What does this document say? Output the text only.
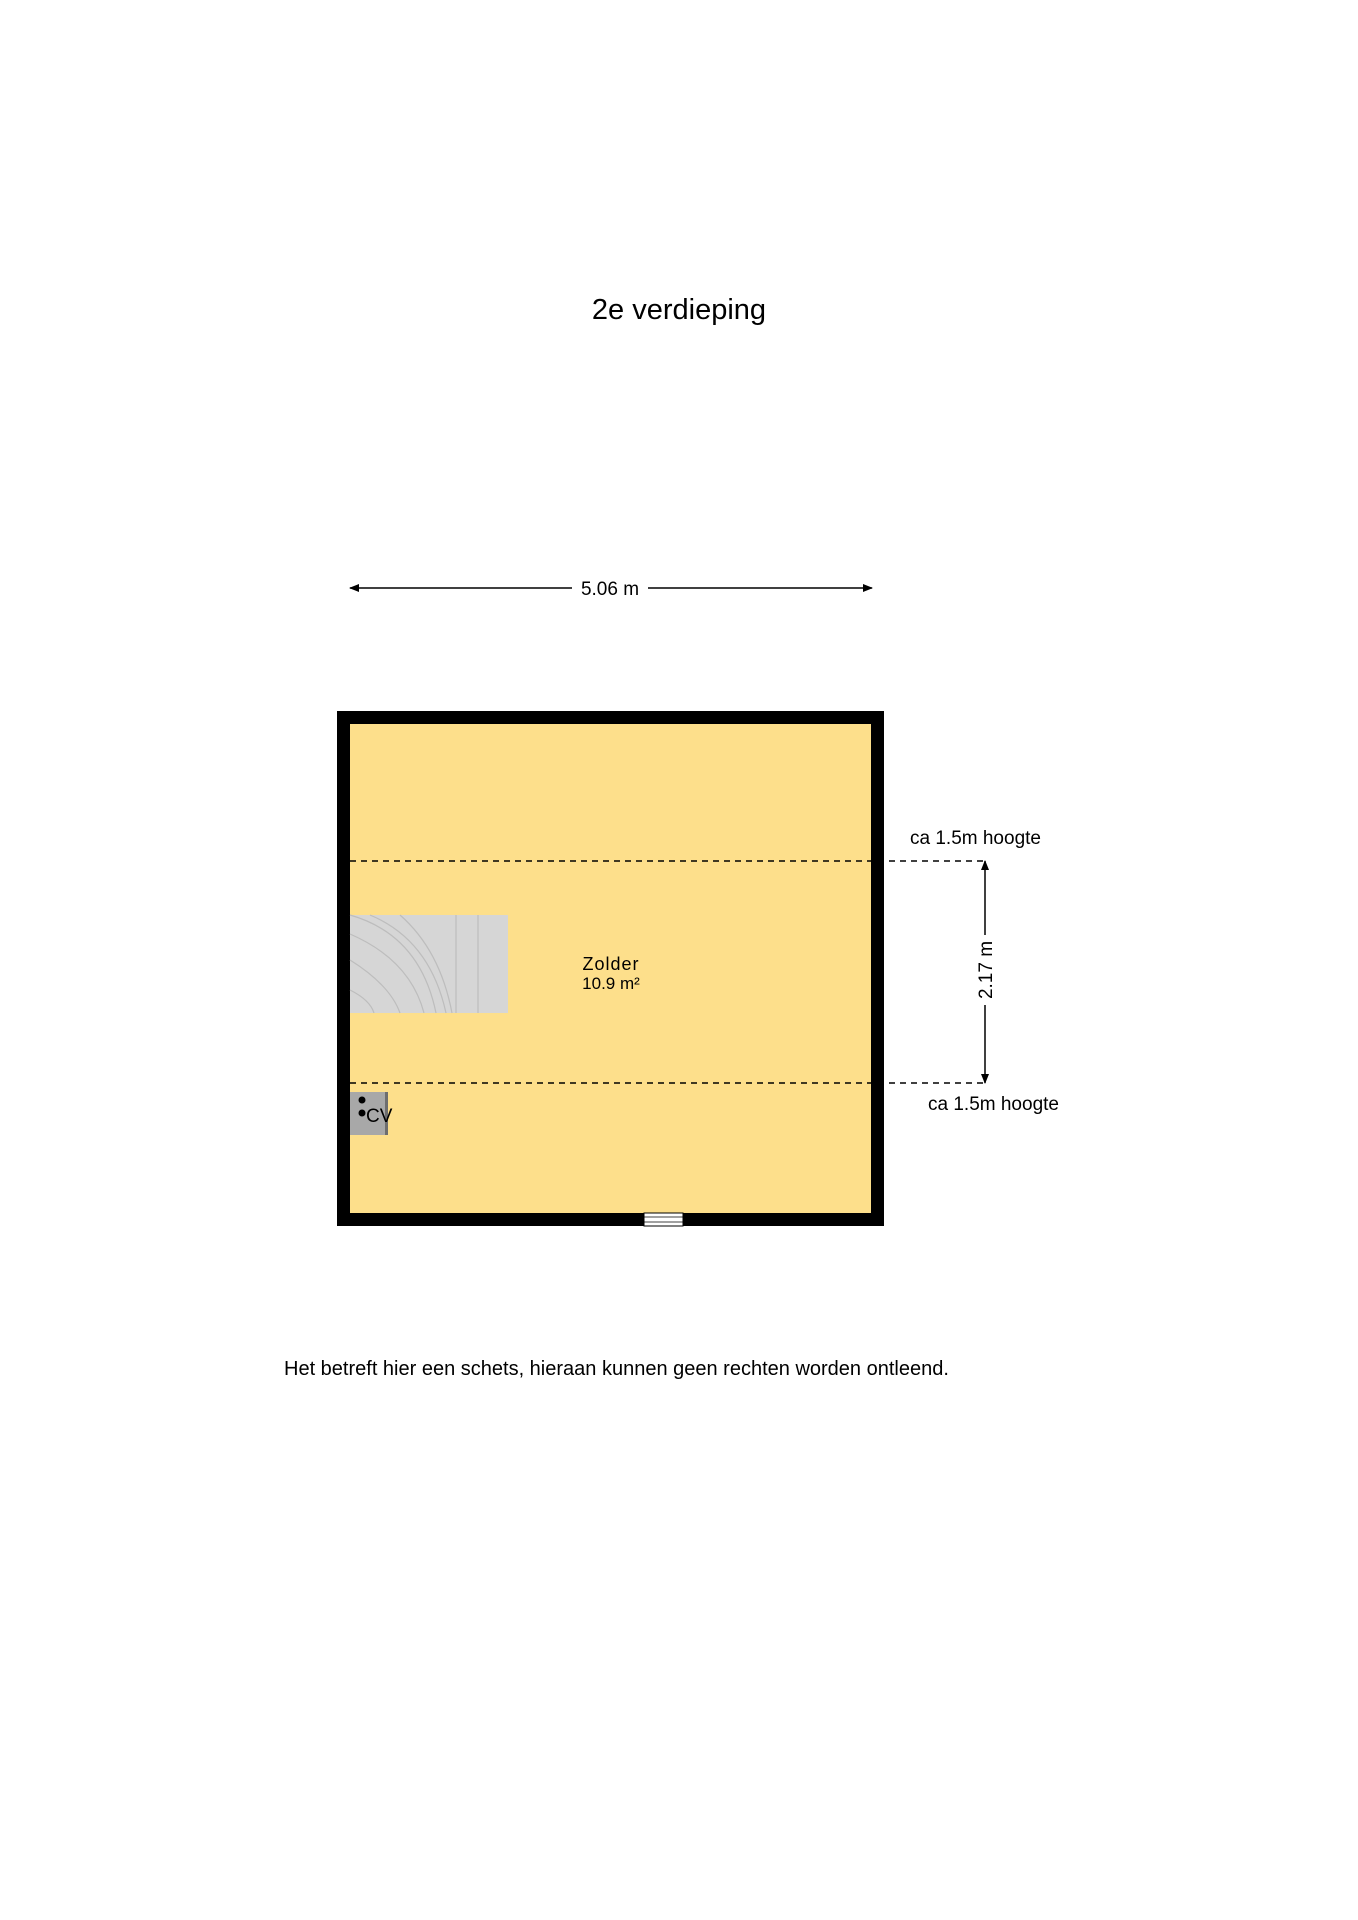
2e verdieping
5.06 m
CV
Zolder
10.9 m²	2.17 m
ca 1.5m hoogte
ca 1.5m hoogte
Het betreft hier een schets, hieraan kunnen geen rechten worden ontleend.
